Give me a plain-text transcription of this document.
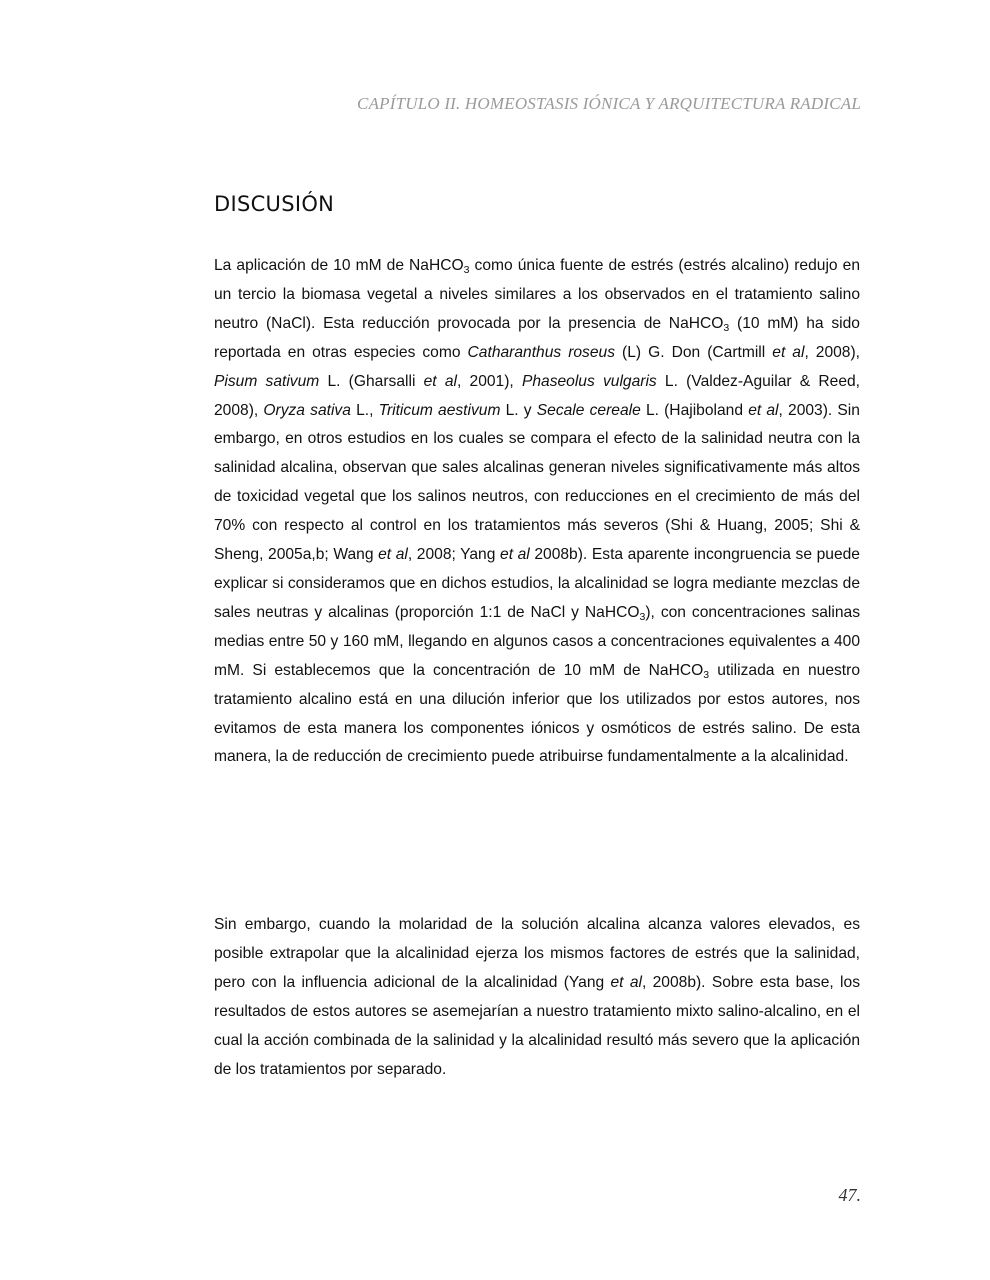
CAPÍTULO II. HOMEOSTASIS IÓNICA Y ARQUITECTURA RADICAL
DISCUSIÓN

La aplicación de 10 mM de NaHCO$_3$ como única fuente de estrés (estrés alcalino) redujo en un tercio la biomasa vegetal a niveles similares a los observados en el tratamiento salino neutro (NaCl). Esta reducción provocada por la presencia de NaHCO$_3$ (10 mM) ha sido reportada en otras especies como Catharanthus roseus (L) G. Don (Cartmill et al, 2008), Pisum sativum L. (Gharsalli et al, 2001), Phaseolus vulgaris L. (Valdez-Aguilar & Reed, 2008), Oryza sativa L., Triticum aestivum L. y Secale cereale L. (Hajiboland et al, 2003). Sin embargo, en otros estudios en los cuales se compara el efecto de la salinidad neutra con la salinidad alcalina, observan que sales alcalinas generan niveles significativamente más altos de toxicidad vegetal que los salinos neutros, con reducciones en el crecimiento de más del 70% con respecto al control en los tratamientos más severos (Shi & Huang, 2005; Shi & Sheng, 2005a,b; Wang et al, 2008; Yang et al 2008b). Esta aparente incongruencia se puede explicar si consideramos que en dichos estudios, la alcalinidad se logra mediante mezclas de sales neutras y alcalinas (proporción 1:1 de NaCl y NaHCO$_3$), con concentraciones salinas medias entre 50 y 160 mM, llegando en algunos casos a concentraciones equivalentes a 400 mM. Si establecemos que la concentración de 10 mM de NaHCO$_3$ utilizada en nuestro tratamiento alcalino está en una dilución inferior que los utilizados por estos autores, nos evitamos de esta manera los componentes iónicos y osmóticos de estrés salino. De esta manera, la de reducción de crecimiento puede atribuirse fundamentalmente a la alcalinidad.

Sin embargo, cuando la molaridad de la solución alcalina alcanza valores elevados, es posible extrapolar que la alcalinidad ejerza los mismos factores de estrés que la salinidad, pero con la influencia adicional de la alcalinidad (Yang et al, 2008b). Sobre esta base, los resultados de estos autores se asemejarían a nuestro tratamiento mixto salino-alcalino, en el cual la acción combinada de la salinidad y la alcalinidad resultó más severo que la aplicación de los tratamientos por separado.

47.
